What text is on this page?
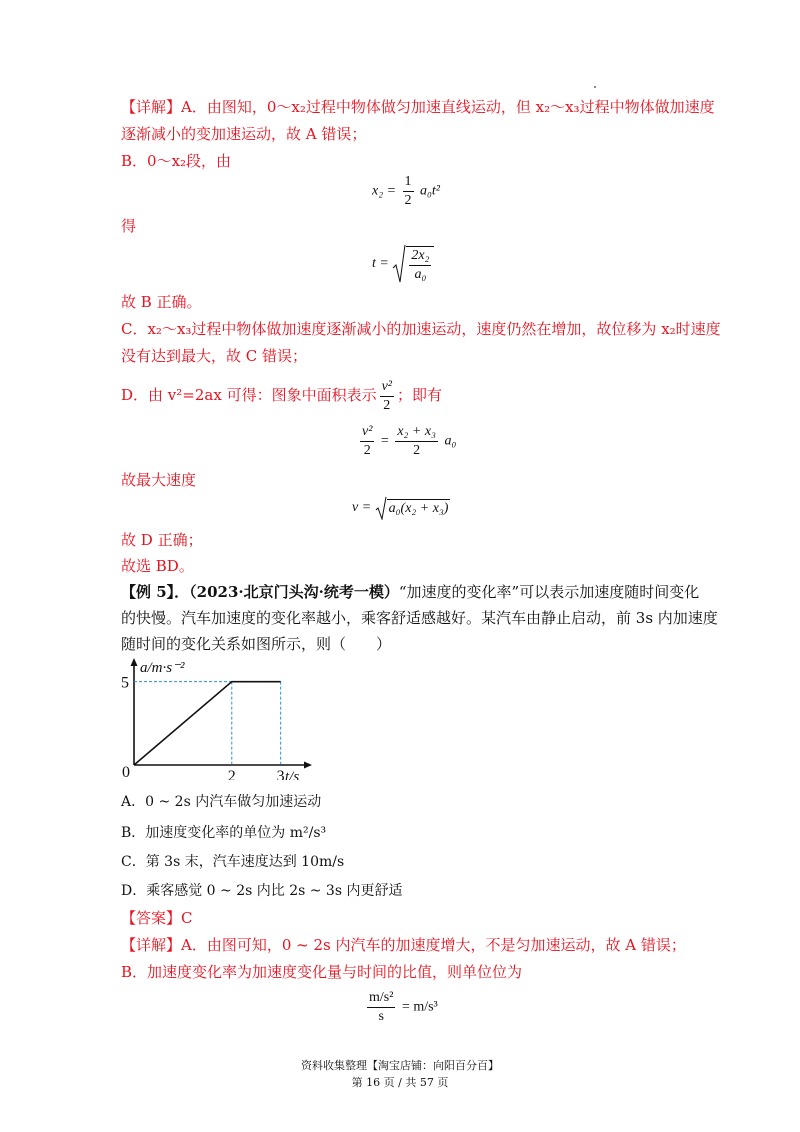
【详解】A．由图知，0～x₂过程中物体做匀加速直线运动，但 x₂～x₃过程中物体做加速度
逐渐减小的变加速运动，故 A 错误；
B．0～x₂段，由
$x_2 = \frac{1}{2} a_0t^2$
得
$t = \frac{\text{2x₂}}{\text{a₀}}$
故 B 正确。
C．x₂～x₃过程中物体做加速度逐渐减小的加速运动，速度仍然在增加，故位移为 x₂时速度
没有达到最大，故 C 错误；
D．由 v²=2ax 可得：图象中面积表示 $\frac{\text{v²}}{2}$ ；即有
$\frac{\text{v²}}{2} = \frac{\text{x₂ + x₃}}{2} a_0$
故最大速度
v = a₀(x₂ + x₃)
故 D 正确；
故选 BD。
【例 5】．（2023·北京门头沟·统考一模）“加速度的变化率”可以表示加速度随时间变化
的快慢。汽车加速度的变化率越小，乘客舒适感越好。某汽车由静止启动，前 3s 内加速度
随时间的变化关系如图所示，则（　　）
0
5
2	3 t/s
a/m·s⁻²
A．0 ~ 2s 内汽车做匀加速运动
B．加速度变化率的单位为 m²/s³
C．第 3s 末，汽车速度达到 10m/s
D．乘客感觉 0 ~ 2s 内比 2s ~ 3s 内更舒适
【答案】C
【详解】A．由图可知，0 ~ 2s 内汽车的加速度增大，不是匀加速运动，故 A 错误；
B．加速度变化率为加速度变化量与时间的比值，则单位位为
$\frac{\text{m/s²}}{s} = m/s^3$
资料收集整理【淘宝店铺：向阳百分百】
第 16 页 / 共 57 页
